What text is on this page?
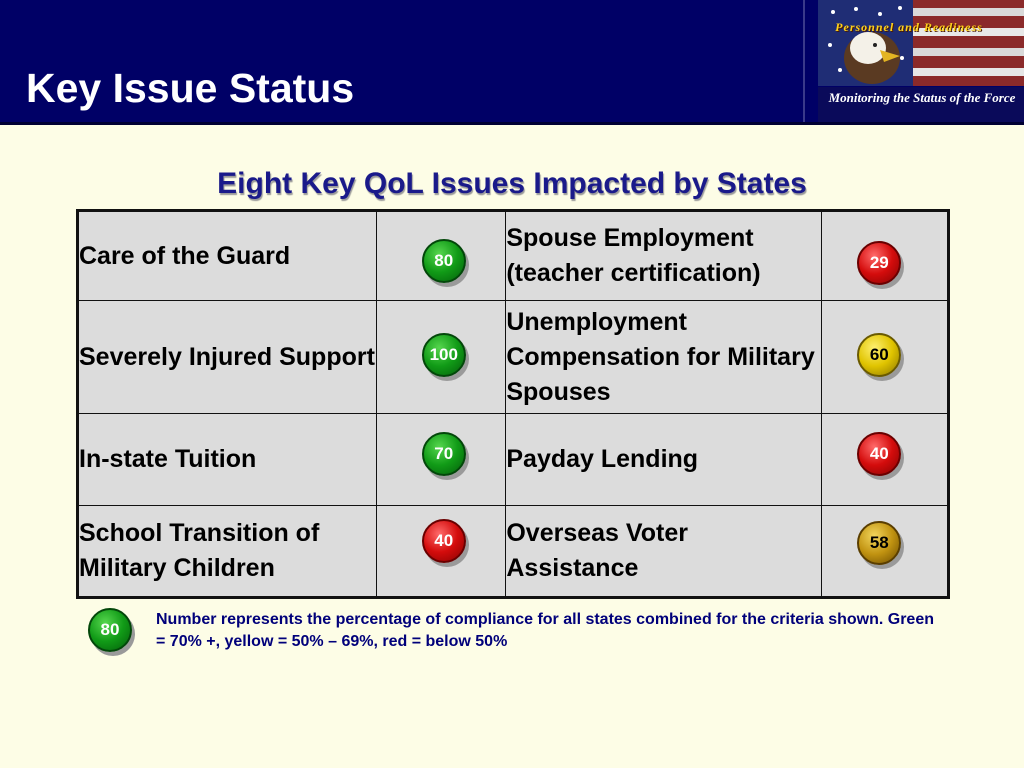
Key Issue Status
Personnel and Readiness
Monitoring the Status of the Force
Eight Key QoL Issues Impacted by States
Care of the Guard	80	Spouse Employment (teacher certification)	29

Severely Injured Support	100	Unemployment Compensation for Military Spouses	60

In-state Tuition	70	Payday Lending	40

School Transition of Military Children	40	Overseas Voter Assistance	58
80

Number represents the percentage of compliance for all states combined for the criteria shown. Green = 70% +, yellow = 50% – 69%, red = below 50%
